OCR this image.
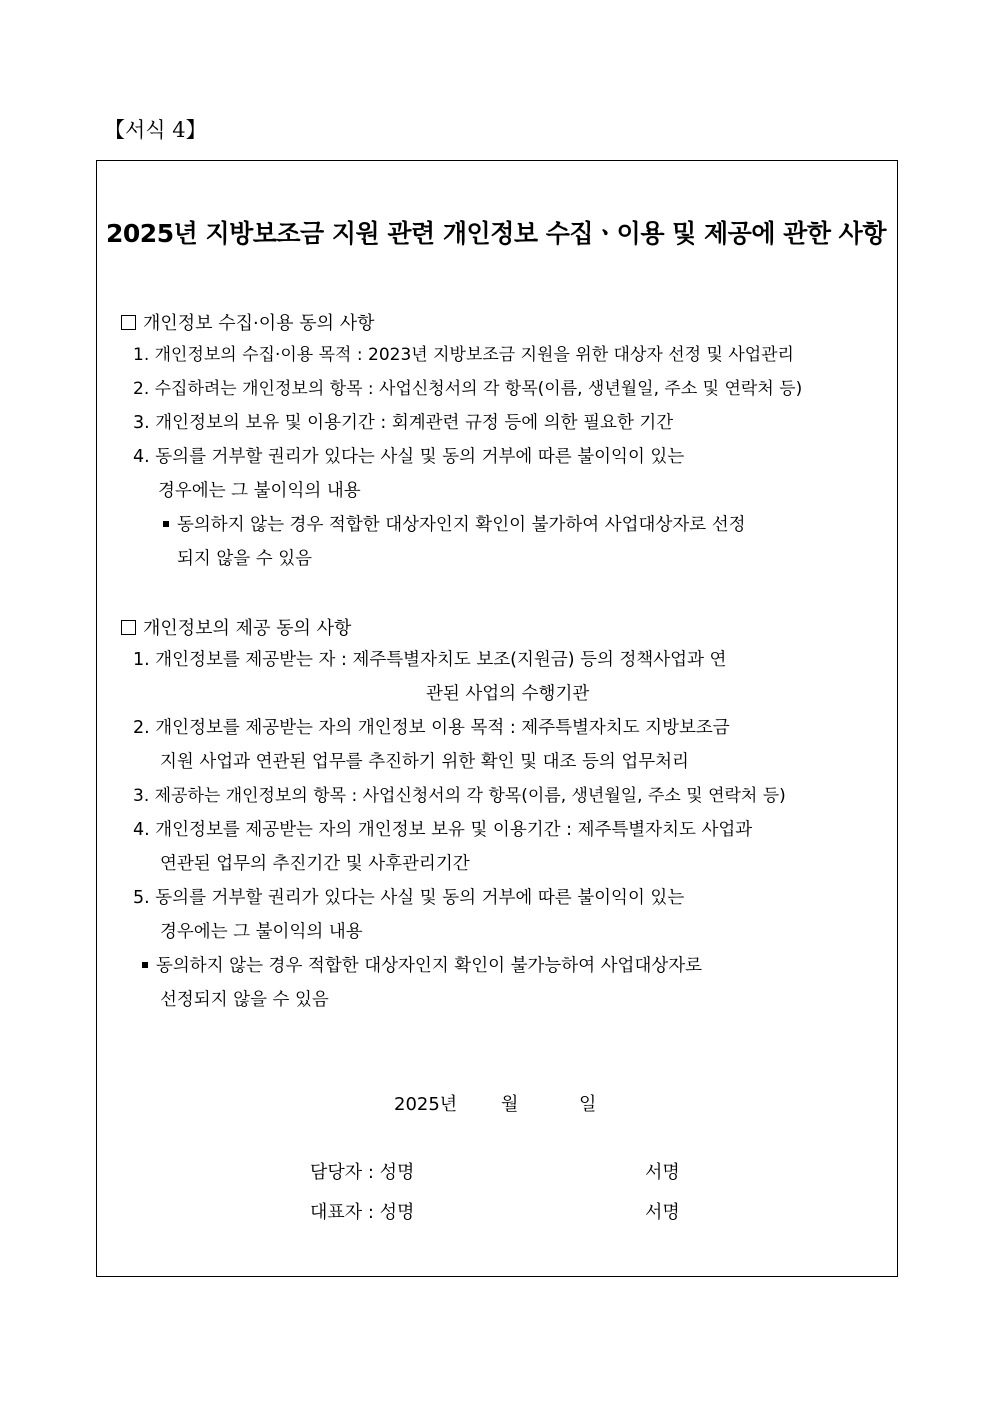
【서식 4】
2025년 지방보조금 지원 관련 개인정보 수집ㆍ이용 및 제공에 관한 사항
개인정보 수집·이용 동의 사항
1. 개인정보의 수집·이용 목적 : 2023년 지방보조금 지원을 위한 대상자 선정 및 사업관리
2. 수집하려는 개인정보의 항목 : 사업신청서의 각 항목(이름, 생년월일, 주소 및 연락처 등)
3. 개인정보의 보유 및 이용기간 : 회계관련 규정 등에 의한 필요한 기간
4. 동의를 거부할 권리가 있다는 사실 및 동의 거부에 따른 불이익이 있는
경우에는 그 불이익의 내용
동의하지 않는 경우 적합한 대상자인지 확인이 불가하여 사업대상자로 선정
되지 않을 수 있음
개인정보의 제공 동의 사항
1. 개인정보를 제공받는 자 : 제주특별자치도 보조(지원금) 등의 정책사업과 연
관된 사업의 수행기관
2. 개인정보를 제공받는 자의 개인정보 이용 목적 : 제주특별자치도 지방보조금
지원 사업과 연관된 업무를 추진하기 위한 확인 및 대조 등의 업무처리
3. 제공하는 개인정보의 항목 : 사업신청서의 각 항목(이름, 생년월일, 주소 및 연락처 등)
4. 개인정보를 제공받는 자의 개인정보 보유 및 이용기간 : 제주특별자치도 사업과
연관된 업무의 추진기간 및 사후관리기간
5. 동의를 거부할 권리가 있다는 사실 및 동의 거부에 따른 불이익이 있는
경우에는 그 불이익의 내용
동의하지 않는 경우 적합한 대상자인지 확인이 불가능하여 사업대상자로
선정되지 않을 수 있음
2025년 월	일
담당자 : 성명	서명
대표자 : 성명	서명
